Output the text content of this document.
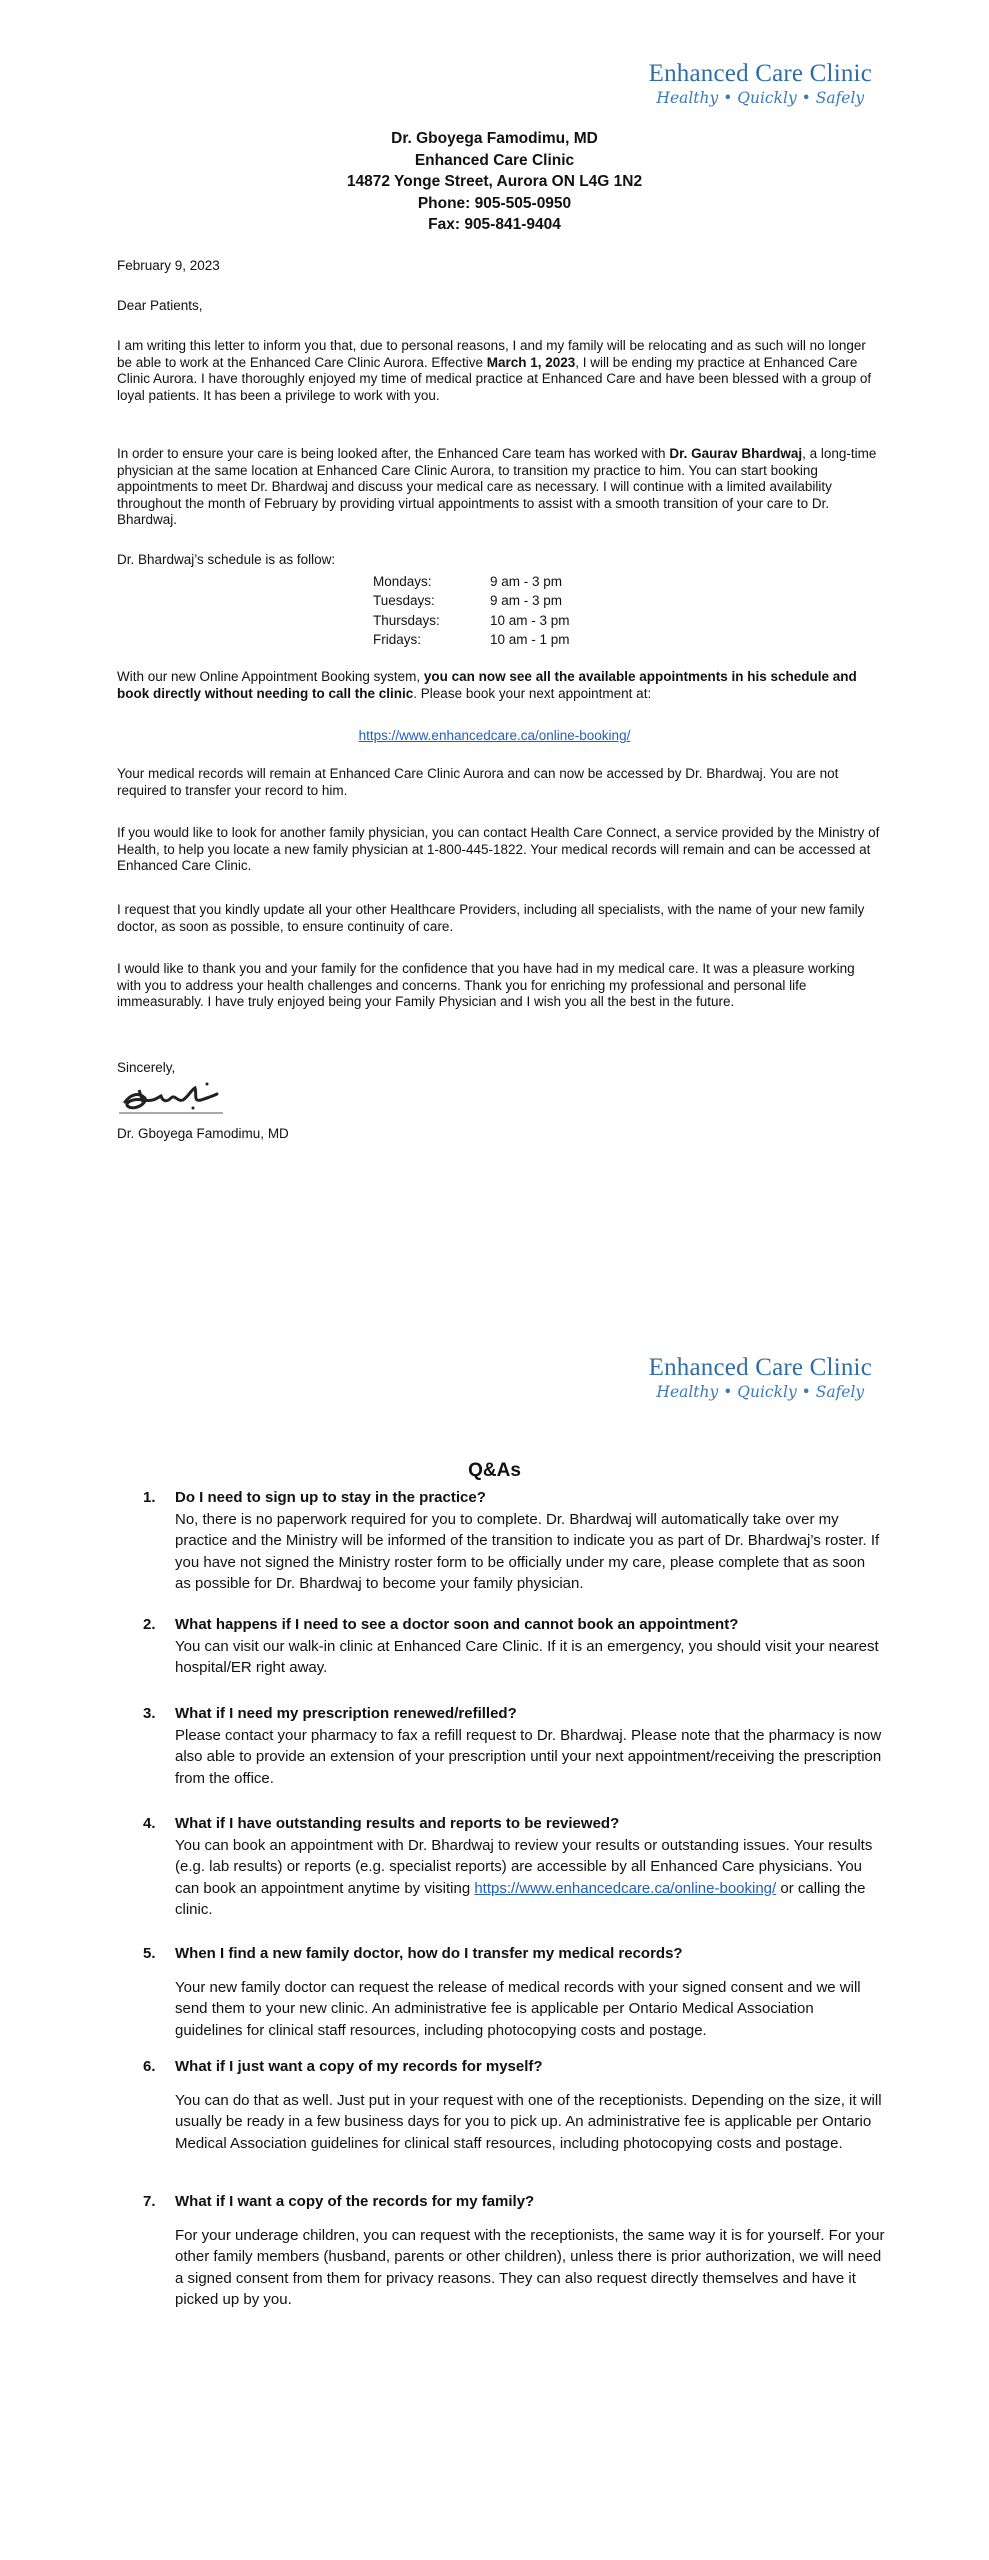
Enhanced Care Clinic
Healthy • Quickly • Safely
Dr. Gboyega Famodimu, MD
Enhanced Care Clinic
14872 Yonge Street, Aurora ON L4G 1N2
Phone: 905-505-0950
Fax: 905-841-9404
February 9, 2023
Dear Patients,
I am writing this letter to inform you that, due to personal reasons, I and my family will be relocating and as such will no longer be able to work at the Enhanced Care Clinic Aurora. Effective March 1, 2023, I will be ending my practice at Enhanced Care Clinic Aurora. I have thoroughly enjoyed my time of medical practice at Enhanced Care and have been blessed with a group of loyal patients. It has been a privilege to work with you.
In order to ensure your care is being looked after, the Enhanced Care team has worked with Dr. Gaurav Bhardwaj, a long-time physician at the same location at Enhanced Care Clinic Aurora, to transition my practice to him. You can start booking appointments to meet Dr. Bhardwaj and discuss your medical care as necessary. I will continue with a limited availability throughout the month of February by providing virtual appointments to assist with a smooth transition of your care to Dr. Bhardwaj.
Dr. Bhardwaj’s schedule is as follow:
Mondays:	9 am - 3 pm
Tuesdays:	9 am - 3 pm
Thursdays:	10 am - 3 pm
Fridays:	10 am - 1 pm
With our new Online Appointment Booking system, you can now see all the available appointments in his schedule and book directly without needing to call the clinic. Please book your next appointment at:
https://www.enhancedcare.ca/online-booking/
Your medical records will remain at Enhanced Care Clinic Aurora and can now be accessed by Dr. Bhardwaj. You are not required to transfer your record to him.
If you would like to look for another family physician, you can contact Health Care Connect, a service provided by the Ministry of Health, to help you locate a new family physician at 1-800-445-1822. Your medical records will remain and can be accessed at Enhanced Care Clinic.
I request that you kindly update all your other Healthcare Providers, including all specialists, with the name of your new family doctor, as soon as possible, to ensure continuity of care.
I would like to thank you and your family for the confidence that you have had in my medical care. It was a pleasure working with you to address your health challenges and concerns. Thank you for enriching my professional and personal life immeasurably. I have truly enjoyed being your Family Physician and I wish you all the best in the future.
Sincerely,
Dr. Gboyega Famodimu, MD
Enhanced Care Clinic
Healthy • Quickly • Safely
Q&As
1. Do I need to sign up to stay in the practice?
No, there is no paperwork required for you to complete. Dr. Bhardwaj will automatically take over my practice and the Ministry will be informed of the transition to indicate you as part of Dr. Bhardwaj’s roster. If you have not signed the Ministry roster form to be officially under my care, please complete that as soon as possible for Dr. Bhardwaj to become your family physician.
2. What happens if I need to see a doctor soon and cannot book an appointment?
You can visit our walk-in clinic at Enhanced Care Clinic. If it is an emergency, you should visit your nearest hospital/ER right away.
3. What if I need my prescription renewed/refilled?
Please contact your pharmacy to fax a refill request to Dr. Bhardwaj. Please note that the pharmacy is now also able to provide an extension of your prescription until your next appointment/receiving the prescription from the office.
4. What if I have outstanding results and reports to be reviewed?
You can book an appointment with Dr. Bhardwaj to review your results or outstanding issues. Your results (e.g. lab results) or reports (e.g. specialist reports) are accessible by all Enhanced Care physicians. You can book an appointment anytime by visiting https://www.enhancedcare.ca/online-booking/ or calling the clinic.
5. When I find a new family doctor, how do I transfer my medical records?
Your new family doctor can request the release of medical records with your signed consent and we will send them to your new clinic. An administrative fee is applicable per Ontario Medical Association guidelines for clinical staff resources, including photocopying costs and postage.
6. What if I just want a copy of my records for myself?
You can do that as well. Just put in your request with one of the receptionists. Depending on the size, it will usually be ready in a few business days for you to pick up. An administrative fee is applicable per Ontario Medical Association guidelines for clinical staff resources, including photocopying costs and postage.
7. What if I want a copy of the records for my family?
For your underage children, you can request with the receptionists, the same way it is for yourself. For your other family members (husband, parents or other children), unless there is prior authorization, we will need a signed consent from them for privacy reasons. They can also request directly themselves and have it picked up by you.
